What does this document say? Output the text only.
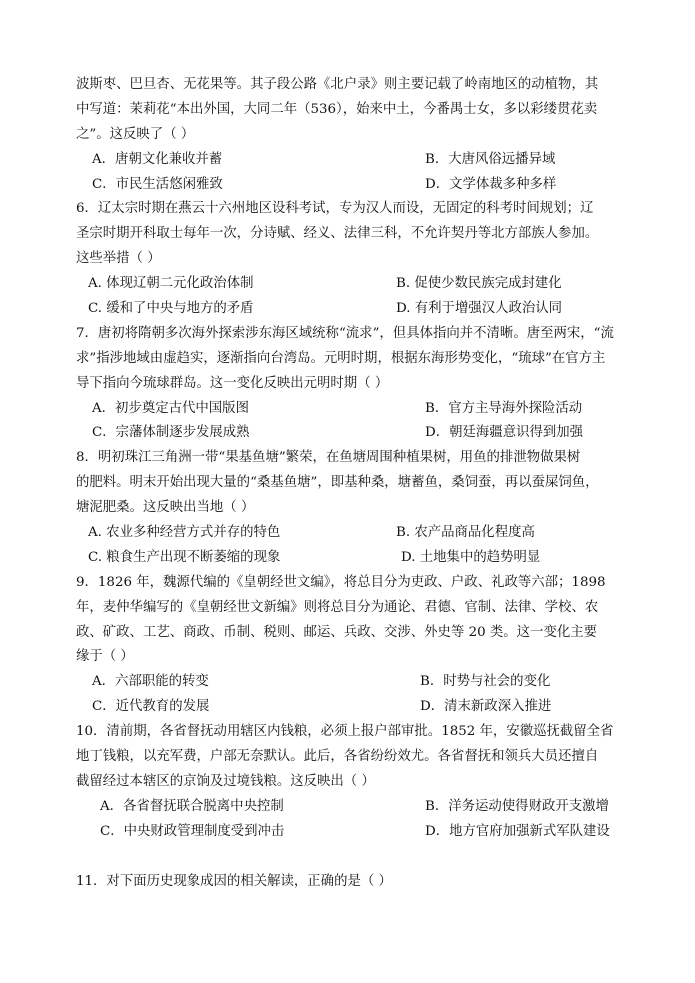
波斯枣、巴旦杏、无花果等。其子段公路《北户录》则主要记载了岭南地区的动植物，其
中写道：茉莉花“本出外国，大同二年（536），始来中土，今番禺士女，多以彩缕贯花卖
之”。这反映了（ ）
A．唐朝文化兼收并蓄	B．大唐风俗远播异域
C．市民生活悠闲雅致	D．文学体裁多种多样
6．辽太宗时期在燕云十六州地区设科考试，专为汉人而设，无固定的科考时间规划；辽
圣宗时期开科取士每年一次，分诗赋、经义、法律三科，不允许契丹等北方部族人参加。
这些举措（ ）
A. 体现辽朝二元化政治体制	B. 促使少数民族完成封建化
C. 缓和了中央与地方的矛盾	D. 有利于增强汉人政治认同
7．唐初将隋朝多次海外探索涉东海区域统称“流求”，但具体指向并不清晰。唐至两宋，“流
求”指涉地域由虚趋实，逐渐指向台湾岛。元明时期，根据东海形势变化，“琉球”在官方主
导下指向今琉球群岛。这一变化反映出元明时期（ ）
A．初步奠定古代中国版图	B．官方主导海外探险活动
C．宗藩体制逐步发展成熟	D．朝廷海疆意识得到加强
8．明初珠江三角洲一带“果基鱼塘”繁荣，在鱼塘周围种植果树，用鱼的排泄物做果树
的肥料。明末开始出现大量的“桑基鱼塘”，即基种桑，塘蓄鱼，桑饲蚕，再以蚕屎饲鱼，
塘泥肥桑。这反映出当地（ ）
A. 农业多种经营方式并存的特色	B. 农产品商品化程度高
C. 粮食生产出现不断萎缩的现象	D. 土地集中的趋势明显
9．1826 年，魏源代编的《皇朝经世文编》，将总目分为吏政、户政、礼政等六部；1898
年，麦仲华编写的《皇朝经世文新编》则将总目分为通论、君德、官制、法律、学校、农
政、矿政、工艺、商政、币制、税则、邮运、兵政、交涉、外史等 20 类。这一变化主要
缘于（ ）
A．六部职能的转变	B．时势与社会的变化
C．近代教育的发展	D．清末新政深入推进
10．清前期，各省督抚动用辖区内钱粮，必须上报户部审批。1852 年，安徽巡抚截留全省
地丁钱粮，以充军费，户部无奈默认。此后，各省纷纷效尤。各省督抚和领兵大员还擅自
截留经过本辖区的京饷及过境钱粮。这反映出（ ）
A．各省督抚联合脱离中央控制	B．洋务运动使得财政开支激增
C．中央财政管理制度受到冲击	D．地方官府加强新式军队建设
11．对下面历史现象成因的相关解读，正确的是（ ）
